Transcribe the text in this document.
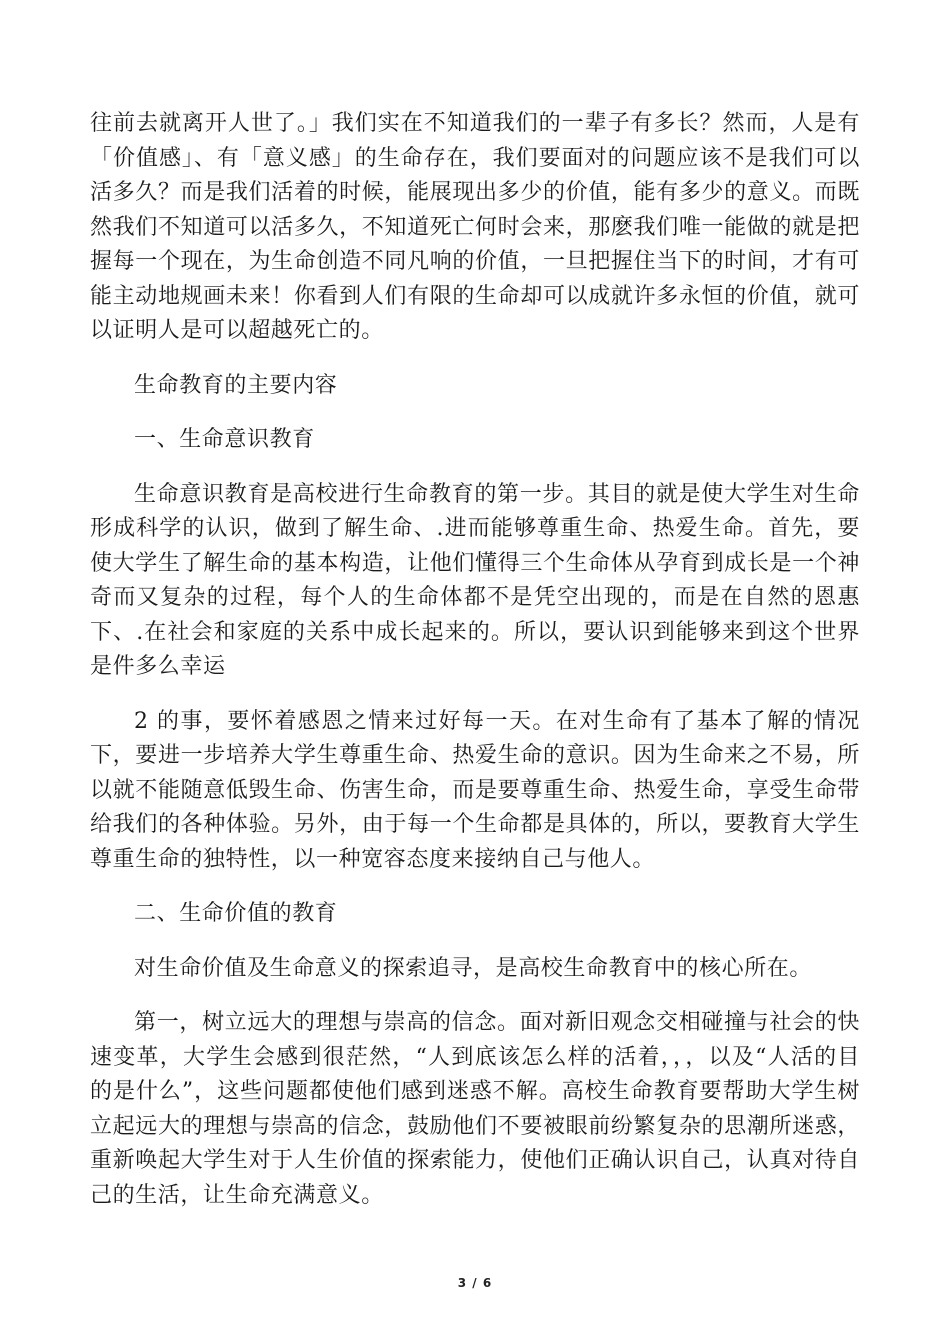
往前去就离开人世了。」我们实在不知道我们的一辈子有多长？然而，人是有「价值感」、有「意义感」的生命存在，我们要面对的问题应该不是我们可以活多久？而是我们活着的时候，能展现出多少的价值，能有多少的意义。而既然我们不知道可以活多久，不知道死亡何时会来，那麽我们唯一能做的就是把握每一个现在，为生命创造不同凡响的价值，一旦把握住当下的时间，才有可能主动地规画未来！你看到人们有限的生命却可以成就许多永恒的价值，就可以证明人是可以超越死亡的。

生命教育的主要内容

一、生命意识教育

生命意识教育是高校进行生命教育的第一步。其目的就是使大学生对生命形成科学的认识，做到了解生命、.进而能够尊重生命、热爱生命。首先，要使大学生了解生命的基本构造，让他们懂得三个生命体从孕育到成长是一个神奇而又复杂的过程，每个人的生命体都不是凭空出现的，而是在自然的恩惠下、.在社会和家庭的关系中成长起来的。所以，要认识到能够来到这个世界是件多么幸运

2 的事，要怀着感恩之情来过好每一天。在对生命有了基本了解的情况下，要进一步培养大学生尊重生命、热爱生命的意识。因为生命来之不易，所以就不能随意低毁生命、伤害生命，而是要尊重生命、热爱生命，享受生命带给我们的各种体验。另外，由于每一个生命都是具体的，所以，要教育大学生尊重生命的独特性，以一种宽容态度来接纳自己与他人。

二、生命价值的教育

对生命价值及生命意义的探索追寻，是高校生命教育中的核心所在。

第一，树立远大的理想与崇高的信念。面对新旧观念交相碰撞与社会的快速变革，大学生会感到很茫然，“人到底该怎么样的活着，，，以及“人活的目的是什么”，这些问题都使他们感到迷惑不解。高校生命教育要帮助大学生树立起远大的理想与崇高的信念，鼓励他们不要被眼前纷繁复杂的思潮所迷惑，重新唤起大学生对于人生价值的探索能力，使他们正确认识自己，认真对待自己的生活，让生命充满意义。

3 / 6
